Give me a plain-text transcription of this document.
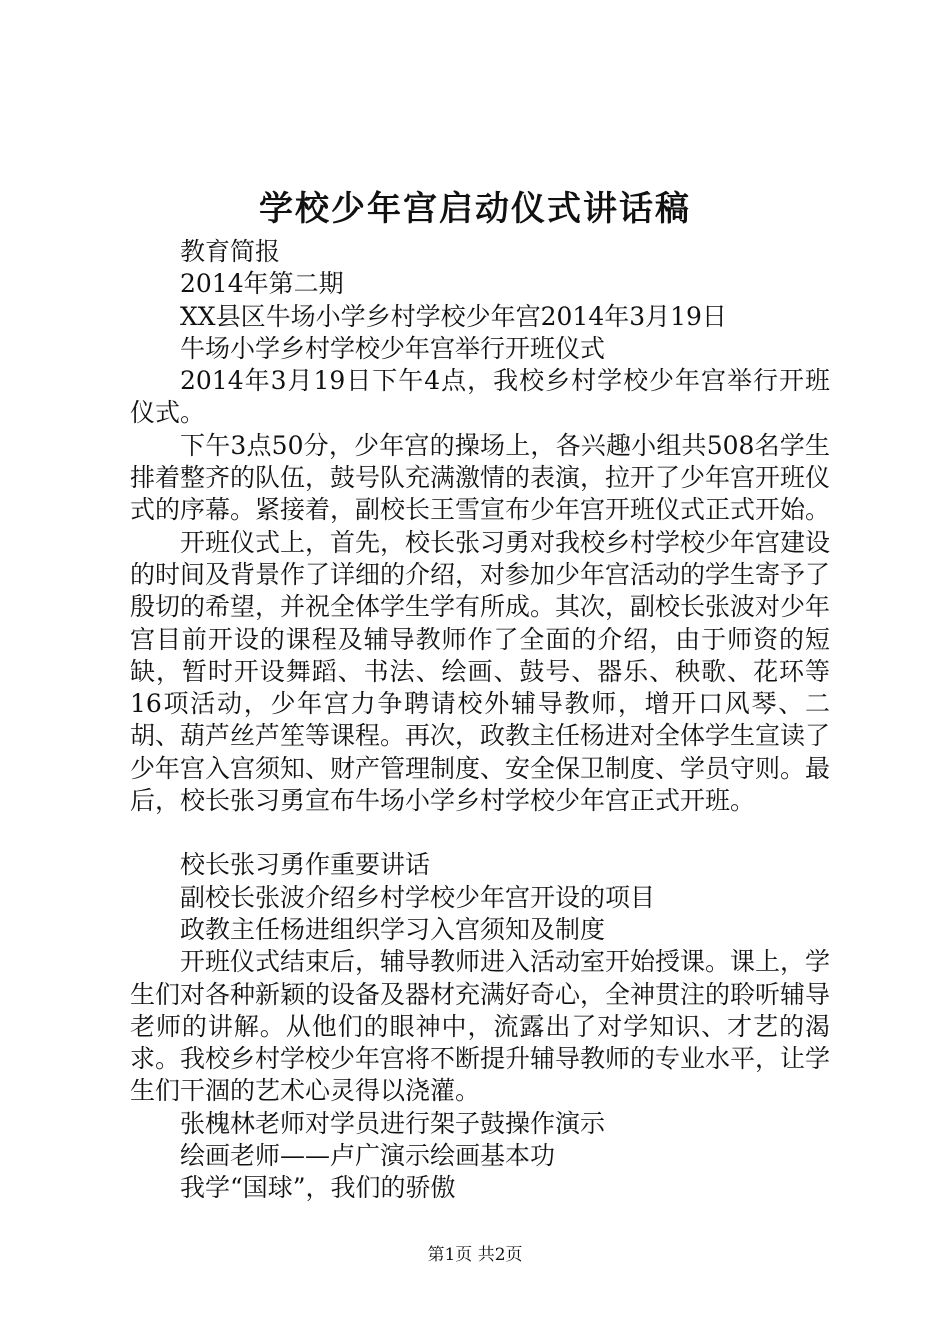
学校少年宫启动仪式讲话稿

教育简报

2014年第二期

XX县区牛场小学乡村学校少年宫2014年3月19日

牛场小学乡村学校少年宫举行开班仪式

2014年3月19日下午4点，我校乡村学校少年宫举行开班仪式。

下午3点50分，少年宫的操场上，各兴趣小组共508名学生排着整齐的队伍，鼓号队充满激情的表演，拉开了少年宫开班仪式的序幕。紧接着，副校长王雪宣布少年宫开班仪式正式开始。

开班仪式上，首先，校长张习勇对我校乡村学校少年宫建设的时间及背景作了详细的介绍，对参加少年宫活动的学生寄予了殷切的希望，并祝全体学生学有所成。其次，副校长张波对少年宫目前开设的课程及辅导教师作了全面的介绍，由于师资的短缺，暂时开设舞蹈、书法、绘画、鼓号、器乐、秧歌、花环等16项活动，少年宫力争聘请校外辅导教师，增开口风琴、二胡、葫芦丝芦笙等课程。再次，政教主任杨进对全体学生宣读了少年宫入宫须知、财产管理制度、安全保卫制度、学员守则。最后，校长张习勇宣布牛场小学乡村学校少年宫正式开班。

校长张习勇作重要讲话

副校长张波介绍乡村学校少年宫开设的项目

政教主任杨进组织学习入宫须知及制度

开班仪式结束后，辅导教师进入活动室开始授课。课上，学生们对各种新颖的设备及器材充满好奇心，全神贯注的聆听辅导老师的讲解。从他们的眼神中，流露出了对学知识、才艺的渴求。我校乡村学校少年宫将不断提升辅导教师的专业水平，让学生们干涸的艺术心灵得以浇灌。

张槐林老师对学员进行架子鼓操作演示

绘画老师——卢广演示绘画基本功

我学“国球”，我们的骄傲

第1页 共2页
